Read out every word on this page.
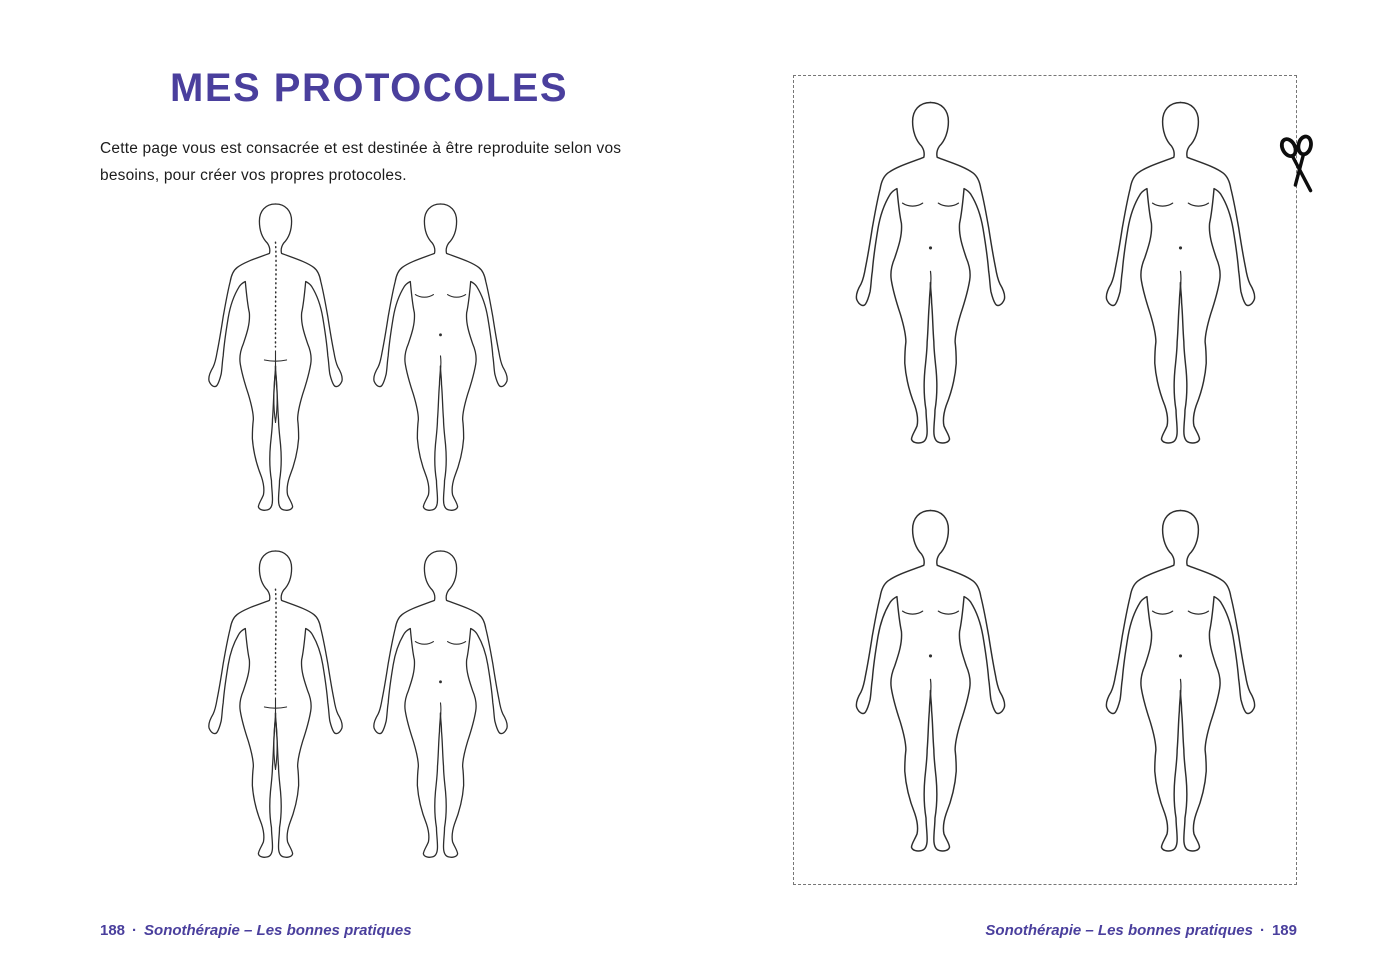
MES PROTOCOLES

Cette page vous est consacrée et est destinée à être reproduite selon vos besoins, pour créer vos propres protocoles.

188 · Sonothérapie – Les bonnes pratiques	Sonothérapie – Les bonnes pratiques · 189
